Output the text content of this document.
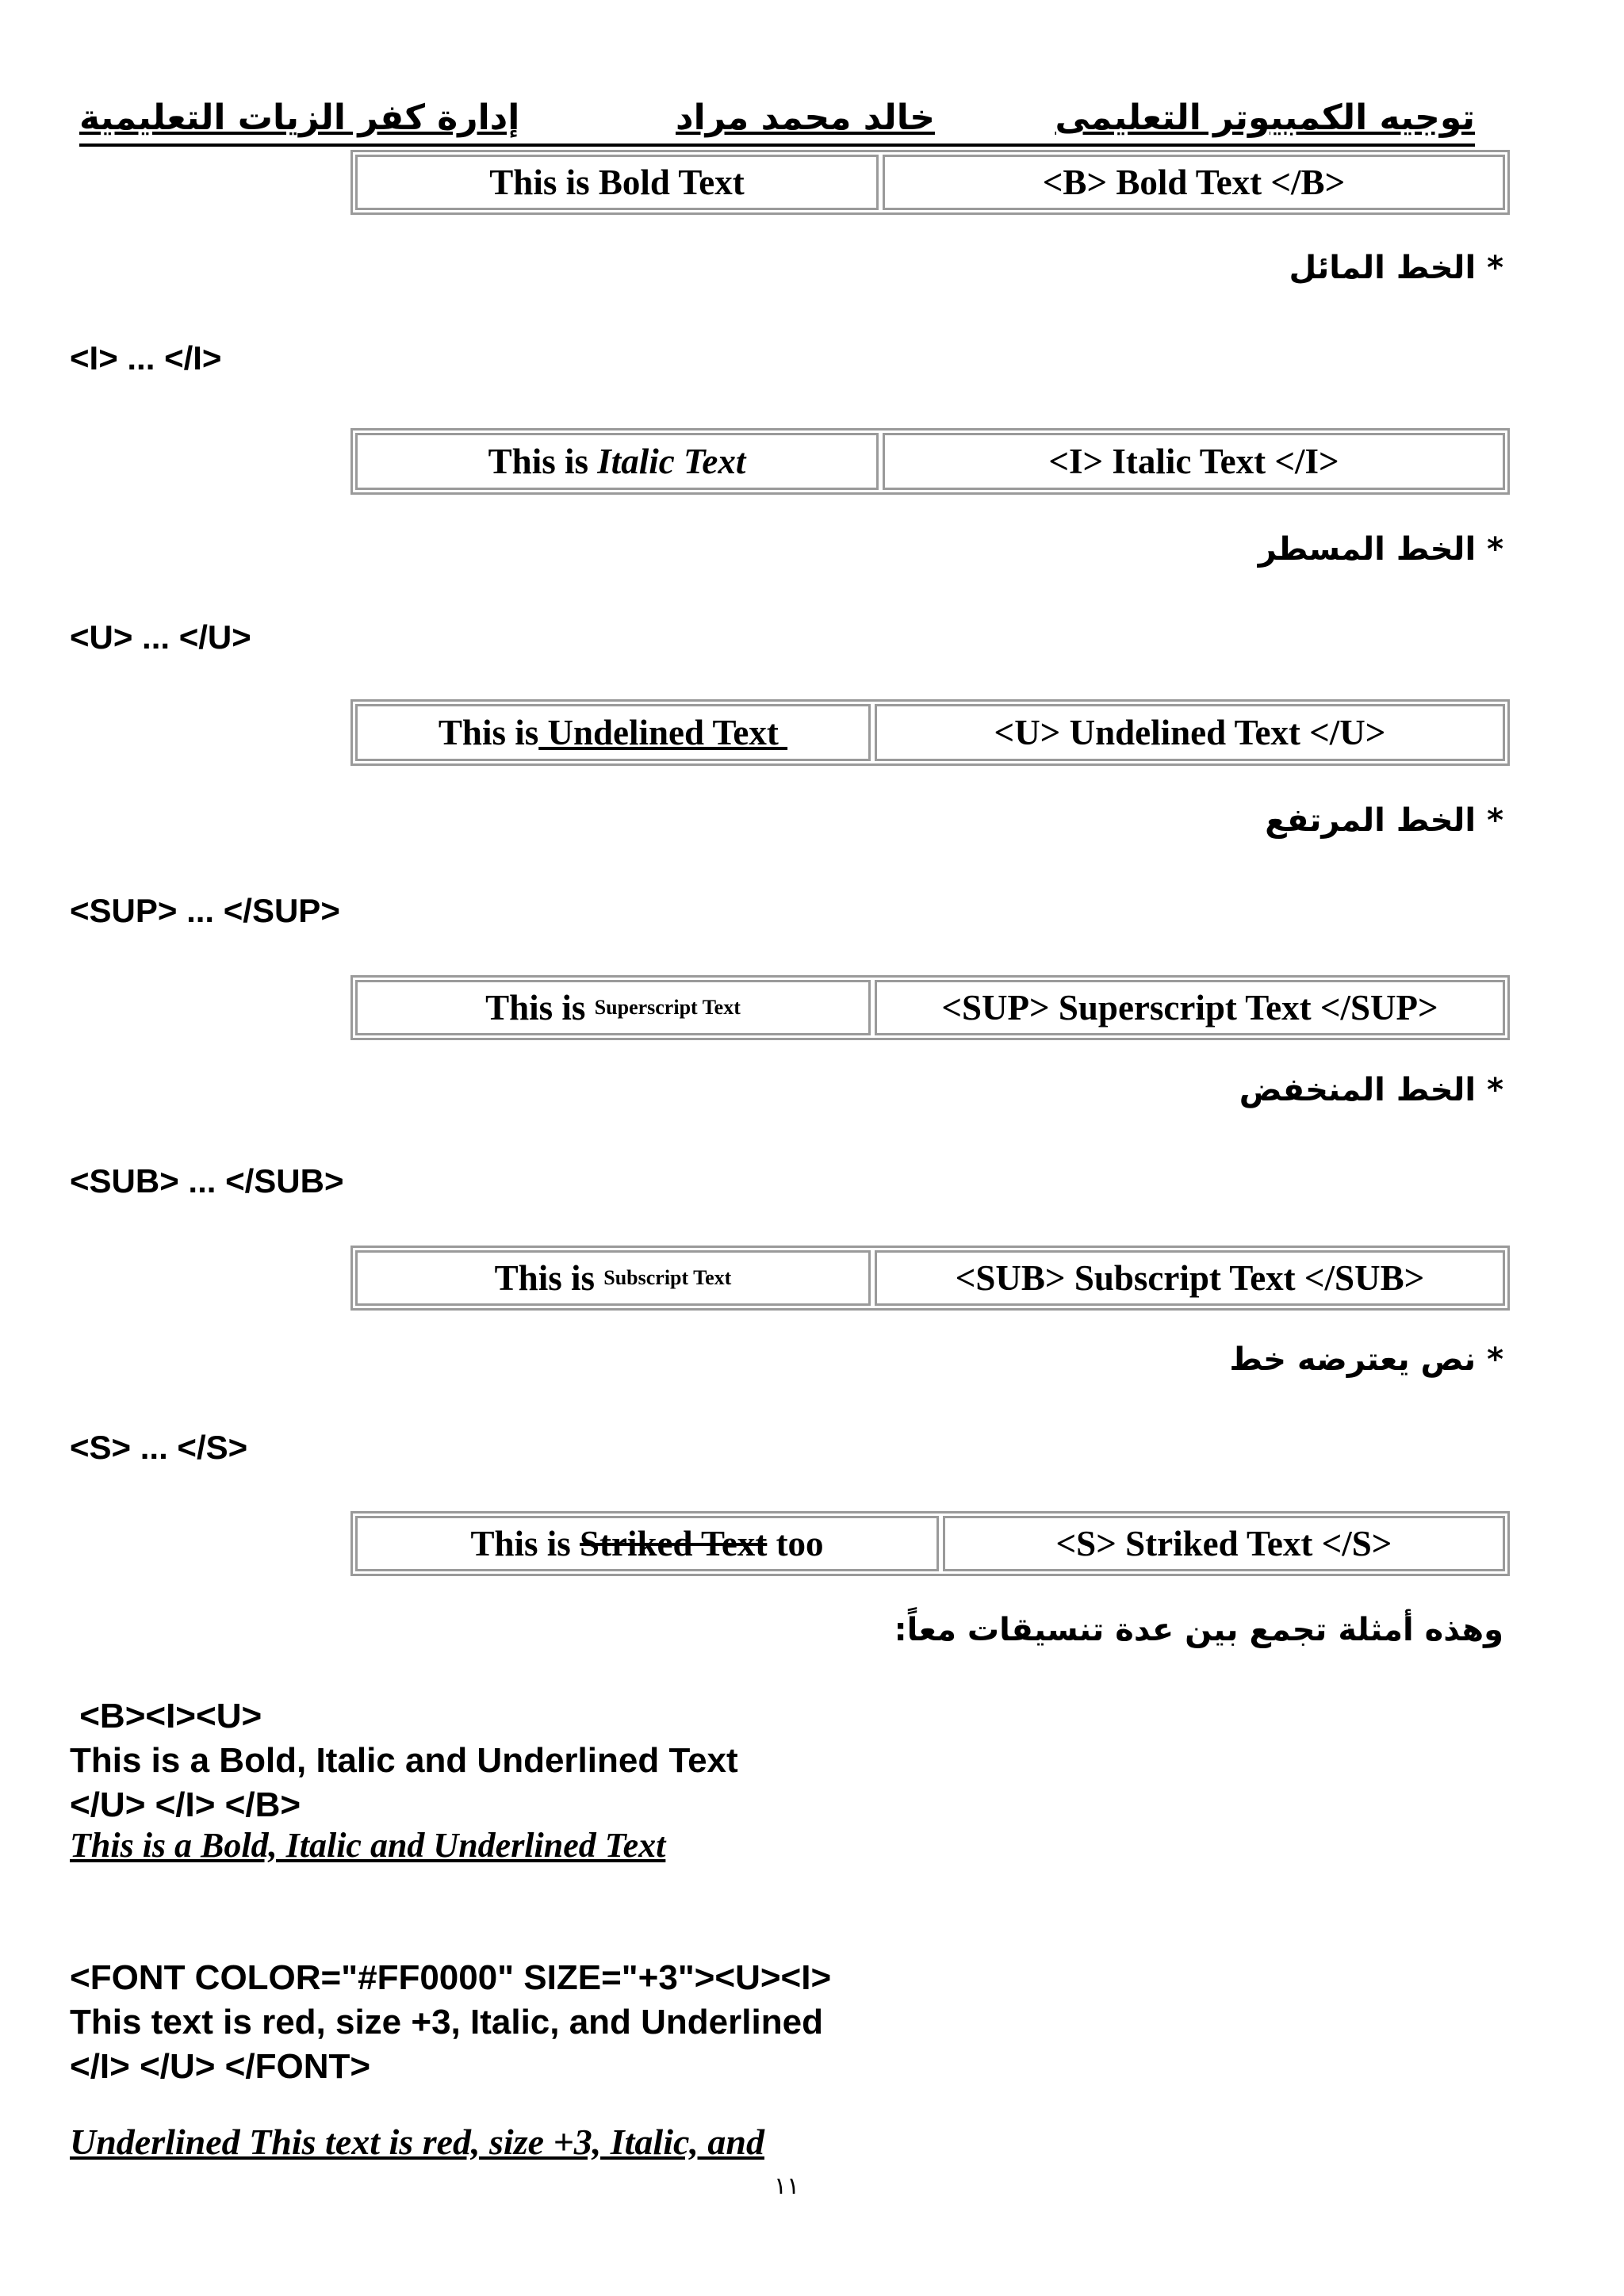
توجيه الكمبيوتر التعليمى
خالد محمد مراد
إدارة كفر الزيات التعليمية
This is Bold Text	<B> Bold Text </B>
* الخط المائل
<I> ... </I>
This is Italic Text	<I> Italic Text </I>
* الخط المسطر
<U> ... </U>
This is Undelined Text	<U> Undelined Text </U>
* الخط المرتفع
<SUP> ... </SUP>
This is Superscript Text	<SUP> Superscript Text </SUP>
* الخط المنخفض
<SUB> ... </SUB>
This is Subscript Text	<SUB> Subscript Text </SUB>
* نص يعترضه خط
<S> ... </S>
This is Striked Text too	<S> Striked Text </S>
وهذه أمثلة تجمع بين عدة تنسيقات معاً:
<B><I><U>
This is a Bold, Italic and Underlined Text
</U> </I> </B>
This is a Bold, Italic and Underlined Text
<FONT COLOR="#FF0000" SIZE="+3"><U><I>
This text is red, size +3, Italic, and Underlined
</I> </U> </FONT>
Underlined This text is red, size +3, Italic, and
١١
